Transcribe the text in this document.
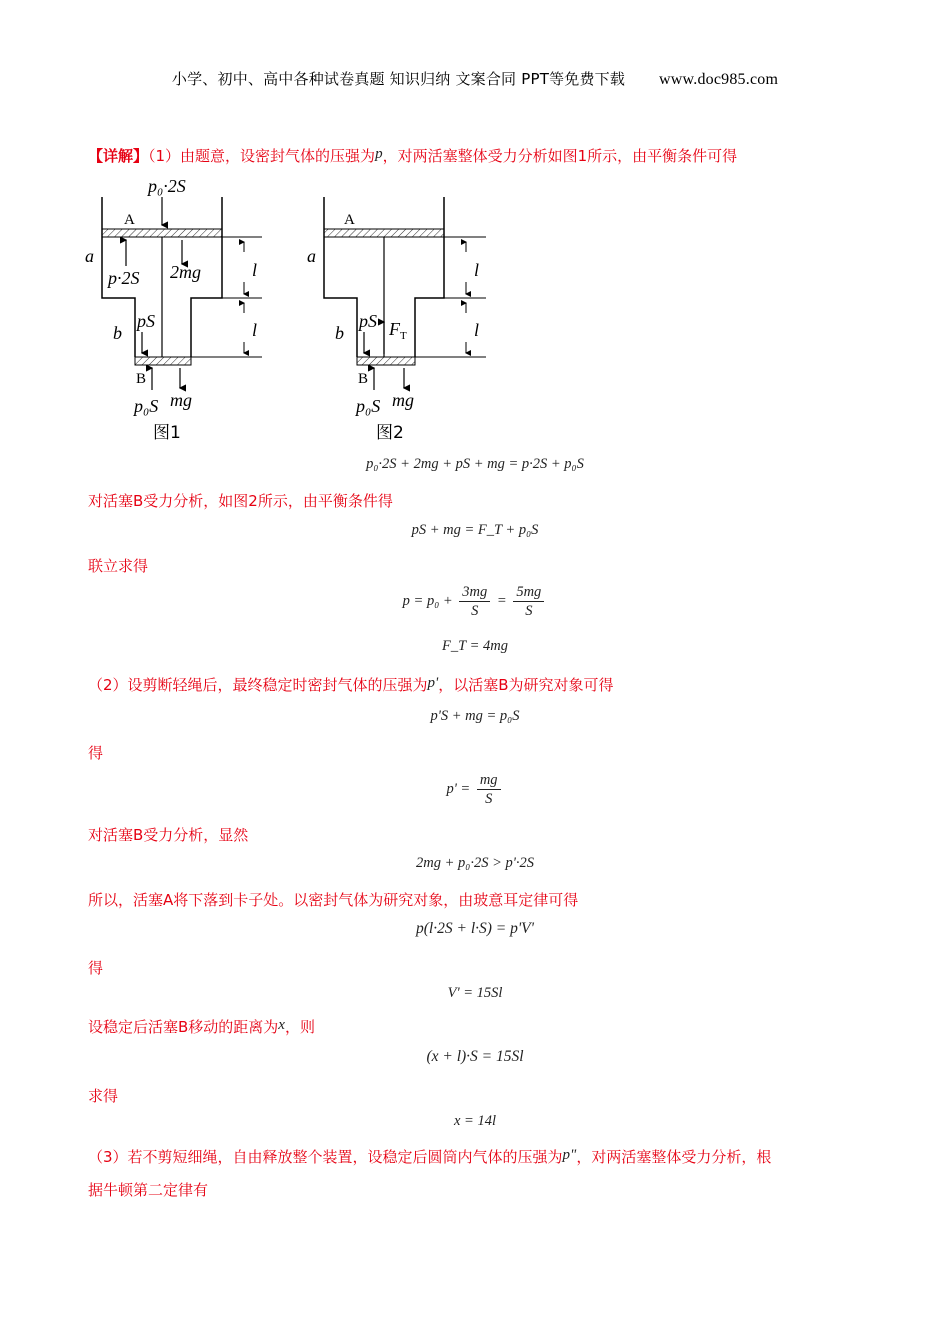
小学、初中、高中各种试卷真题 知识归纳 文案合同 PPT等免费下载 www.doc985.com
【详解】（1）由题意，设密封气体的压强为p，对两活塞整体受力分析如图1所示，由平衡条件可得
p₀·2S
A
a
p·2S 2mg	l
l
pS
b
B
p₀S mg
图1
A
a
l
l
pS $F_T$
b
B
p₀S mg
图2
p₀·2S + 2mg + pS + mg = p·2S + p₀S
对活塞B受力分析，如图2所示，由平衡条件得
pS + mg = F_T + p₀S
联立求得
$p = p_0 + \frac{3mg}{S} = \frac{5mg}{S}$
F_T = 4mg
（2）设剪断轻绳后，最终稳定时密封气体的压强为p'，以活塞B为研究对象可得
p'S + mg = p₀S
得
$p' = \frac{mg}{S}$
对活塞B受力分析，显然
2mg + p₀·2S > p'·2S
所以，活塞A将下落到卡子处。以密封气体为研究对象，由玻意耳定律可得
p(l·2S + l·S) = p'V'
得
V' = 15Sl
设稳定后活塞B移动的距离为x，则
(x + l)·S = 15Sl
求得
x = 14l
（3）若不剪短细绳，自由释放整个装置，设稳定后圆筒内气体的压强为p"，对两活塞整体受力分析，根
据牛顿第二定律有
